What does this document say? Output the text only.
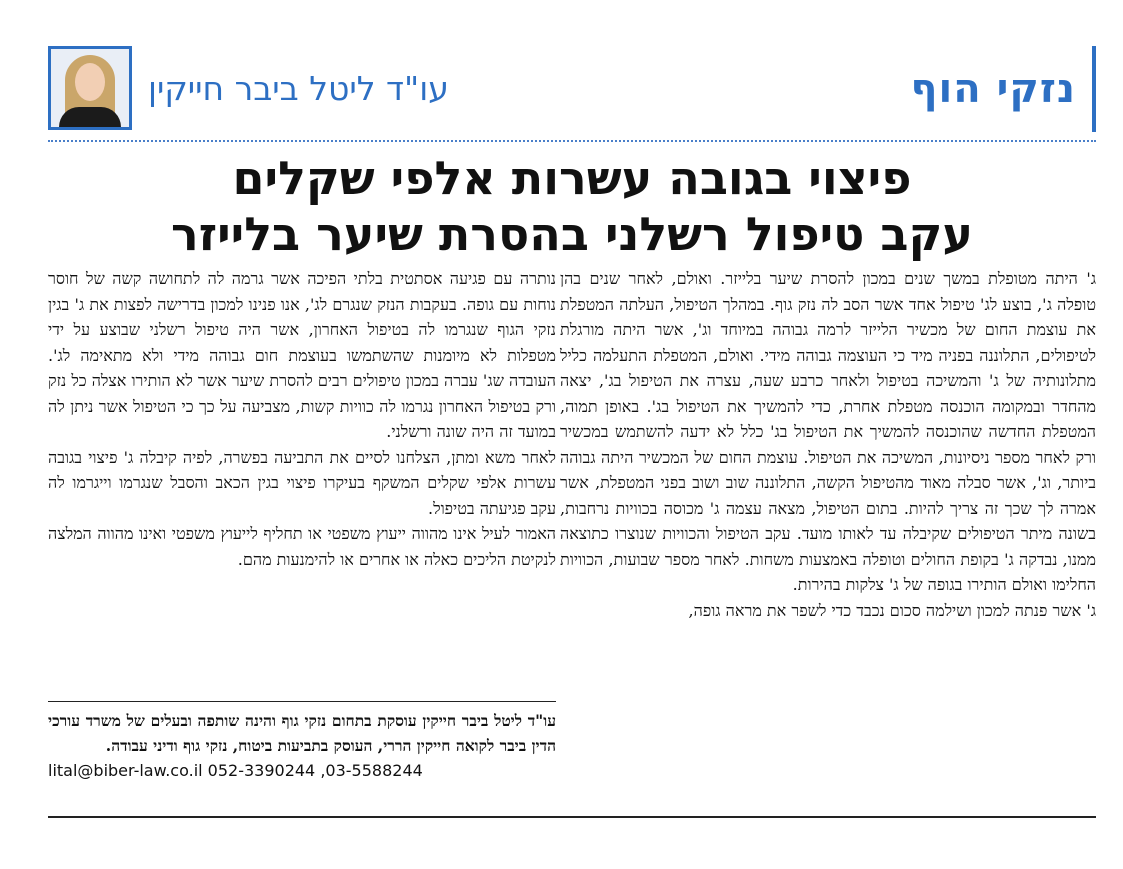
נזקי הוף
עו"ד ליטל ביבר חייקין
פיצוי בגובה עשרות אלפי שקלים
עקב טיפול רשלני בהסרת שיער בלייזר

ג' היתה מטופלת במשך שנים במכון להסרת שיער בלייזר. ואולם, לאחר שנים בהן טופלה ג', בוצע לג' טיפול אחד אשר הסב לה נזק גוף. במהלך הטיפול, העלתה המטפלת את עוצמת החום של מכשיר הלייזר לרמה גבוהה במיוחד וג', אשר היתה מורגלת לטיפולים, התלוננה בפניה מיד כי העוצמה גבוהה מידי. ואולם, המטפלת התעלמה כליל מתלונותיה של ג' והמשיכה בטיפול ולאחר כרבע שעה, עצרה את הטיפול בג', יצאה מהחדר ובמקומה הוכנסה מטפלת אחרת, כדי להמשיך את הטיפול בג'. באופן תמוה, המטפלת החדשה שהוכנסה להמשיך את הטיפול בג' כלל לא ידעה להשתמש במכשיר ורק לאחר מספר ניסיונות, המשיכה את הטיפול. עוצמת החום של המכשיר היתה גבוהה ביותר, וג', אשר סבלה מאוד מהטיפול הקשה, התלוננה שוב ושוב בפני המטפלת, אשר אמרה לך שכך זה צריך להיות. בתום הטיפול, מצאה עצמה ג' מכוסה בכוויות נרחבות, בשונה מיתר הטיפולים שקיבלה עד לאותו מועד. עקב הטיפול והכוויות שנוצרו כתוצאה ממנו, נבדקה ג' בקופת החולים וטופלה באמצעות משחות. לאחר מספר שבועות, הכוויות החלימו ואולם הותירו בגופה של ג' צלקות בהירות.

ג' אשר פנתה למכון ושילמה סכום נכבד כדי לשפר את מראה גופה,

נותרה עם פגיעה אסתטית בלתי הפיכה אשר גרמה לה לתחושה קשה של חוסר נוחות עם גופה. בעקבות הנזק שנגרם לג', אנו פנינו למכון בדרישה לפצות את ג' בגין נזקי הגוף שנגרמו לה בטיפול האחרון, אשר היה טיפול רשלני שבוצע על ידי מטפלות לא מיומנות שהשתמשו בעוצמת חום גבוהה מידי ולא מתאימה לג'. העובדה שג' עברה במכון טיפולים רבים להסרת שיער אשר לא הותירו אצלה כל נזק ורק בטיפול האחרון נגרמו לה כוויות קשות, מצביעה על כך כי הטיפול אשר ניתן לה במועד זה היה שונה ורשלני.

לאחר משא ומתן, הצלחנו לסיים את התביעה בפשרה, לפיה קיבלה ג' פיצוי בגובה עשרות אלפי שקלים המשקף בעיקרו פיצוי בגין הכאב והסבל שנגרמו וייגרמו לה עקב פגיעתה בטיפול.

האמור לעיל אינו מהווה ייעוץ משפטי או תחליף לייעוץ משפטי ואינו מהווה המלצה לנקיטת הליכים כאלה או אחרים או להימנעות מהם.

עו"ד ליטל ביבר חייקין עוסקת בתחום נזקי גוף והינה שותפה ובעלים של משרד עורכי הדין ביבר לקואה חייקין הררי, העוסק בתביעות ביטוח, נזקי גוף ודיני עבודה.
lital@biber-law.co.il 052-3390244 ,03-5588244
